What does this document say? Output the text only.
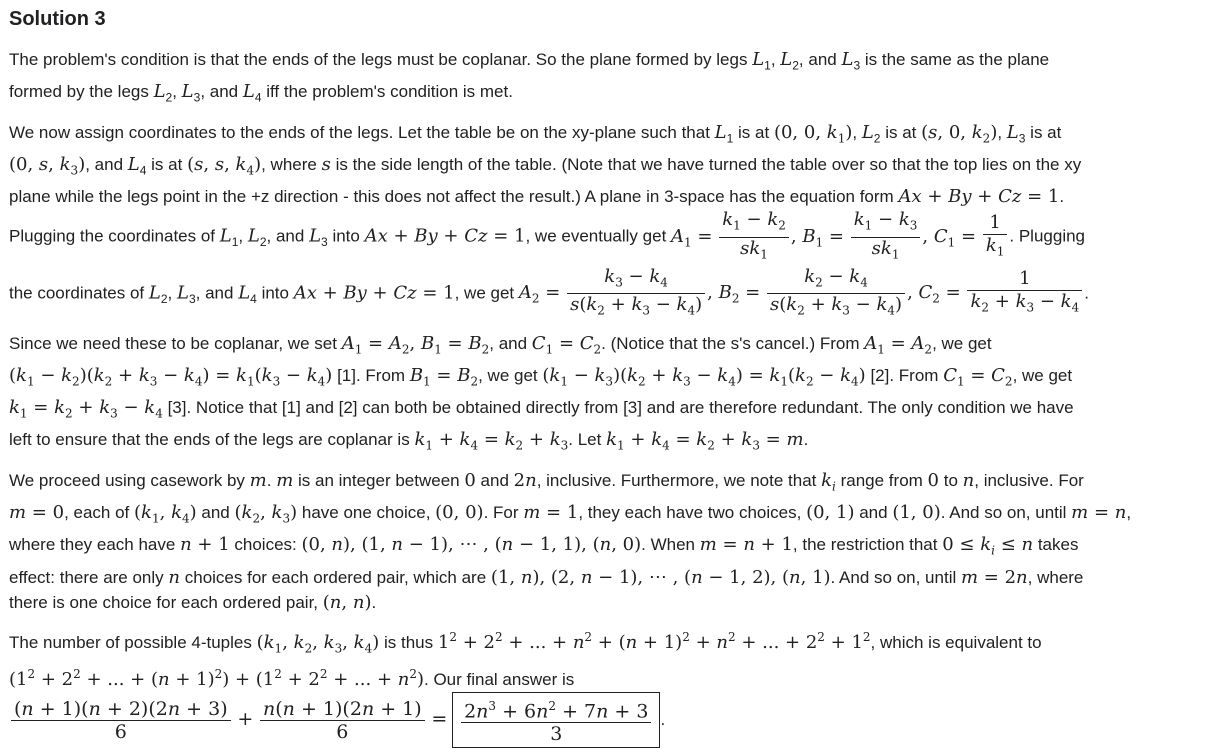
Solution 3

The problem's condition is that the ends of the legs must be coplanar. So the plane formed by legs $L_1$, $L_2$, and $L_3$ is the same as the plane
formed by the legs $L_2$, $L_3$, and $L_4$ iff the problem's condition is met.

We now assign coordinates to the ends of the legs. Let the table be on the xy-plane such that $L_1$ is at (0, 0, $k_1$), $L_2$ is at (s, 0, $k_2$), $L_3$ is at
(0, s, $k_3$), and $L_4$ is at (s, s, $k_4$), where s is the side length of the table. (Note that we have turned the table over so that the top lies on the xy
plane while the legs point in the +z direction - this does not affect the result.) A plane in 3-space has the equation form Ax + By + Cz = 1.
Plugging the coordinates of $L_1$, $L_2$, and $L_3$ into Ax + By + Cz = 1, we eventually get $A_1 = \frac{k_1 - k_2}{sk_1}$ , $B_1 = \frac{k_1 - k_3}{sk_1}$ , $C_1 = \frac{1}{k_1}$ . Plugging
the coordinates of $L_2$, $L_3$, and $L_4$ into Ax + By + Cz = 1, we get $A_2 = \frac{k_3 - k_4}{s(k_2 + k_3 - k_4)}$ , $B_2 = \frac{k_2 - k_4}{s(k_2 + k_3 - k_4)}$ , $C_2 = \frac{1}{k_2 + k_3 - k_4}$ .

Since we need these to be coplanar, we set $A_1 = A_2$, $B_1 = B_2$, and $C_1 = C_2$. (Notice that the s's cancel.) From $A_1 = A_2$, we get
$(k_1 - k_2)(k_2 + k_3 - k_4) = k_1(k_3 - k_4)$ [1]. From $B_1 = B_2$, we get $(k_1 - k_3)(k_2 + k_3 - k_4) = k_1(k_2 - k_4)$ [2]. From $C_1 = C_2$, we get
$k_1 = k_2 + k_3 - k_4$ [3]. Notice that [1] and [2] can both be obtained directly from [3] and are therefore redundant. The only condition we have
left to ensure that the ends of the legs are coplanar is $k_1 + k_4 = k_2 + k_3$. Let $k_1 + k_4 = k_2 + k_3 = m$.

We proceed using casework by m. m is an integer between 0 and 2n, inclusive. Furthermore, we note that $k_i$ range from 0 to n, inclusive. For
m = 0, each of ($k_1$, $k_4$) and ($k_2$, $k_3$) have one choice, (0, 0). For m = 1, they each have two choices, (0, 1) and (1, 0). And so on, until m = n,
where they each have n + 1 choices: (0, n), (1, n − 1), ⋯ , (n − 1, 1), (n, 0). When m = n + 1, the restriction that $0 \le k_i \le n$ takes
effect: there are only n choices for each ordered pair, which are (1, n), (2, n − 1), ⋯ , (n − 1, 2), (n, 1). And so on, until m = 2n, where
there is one choice for each ordered pair, (n, n).

The number of possible 4-tuples ($k_1$, $k_2$, $k_3$, $k_4$) is thus $1^2 + 2^2$ + ... + $n^2 + (n + 1)^2 + n^2$ + ... + $2^2 + 1^2$, which is equivalent to
($1^2 + 2^2$ + ... + $(n + 1)^2) + (1^2 + 2^2$ + ... + $n^2$). Our final answer is

$\frac{(n + 1)(n + 2)(2n + 3)}{6} + \frac{n(n + 1)(2n + 1)}{6} = \frac{2n^3 + 6n^2 + 7n + 3}{3}$ .
